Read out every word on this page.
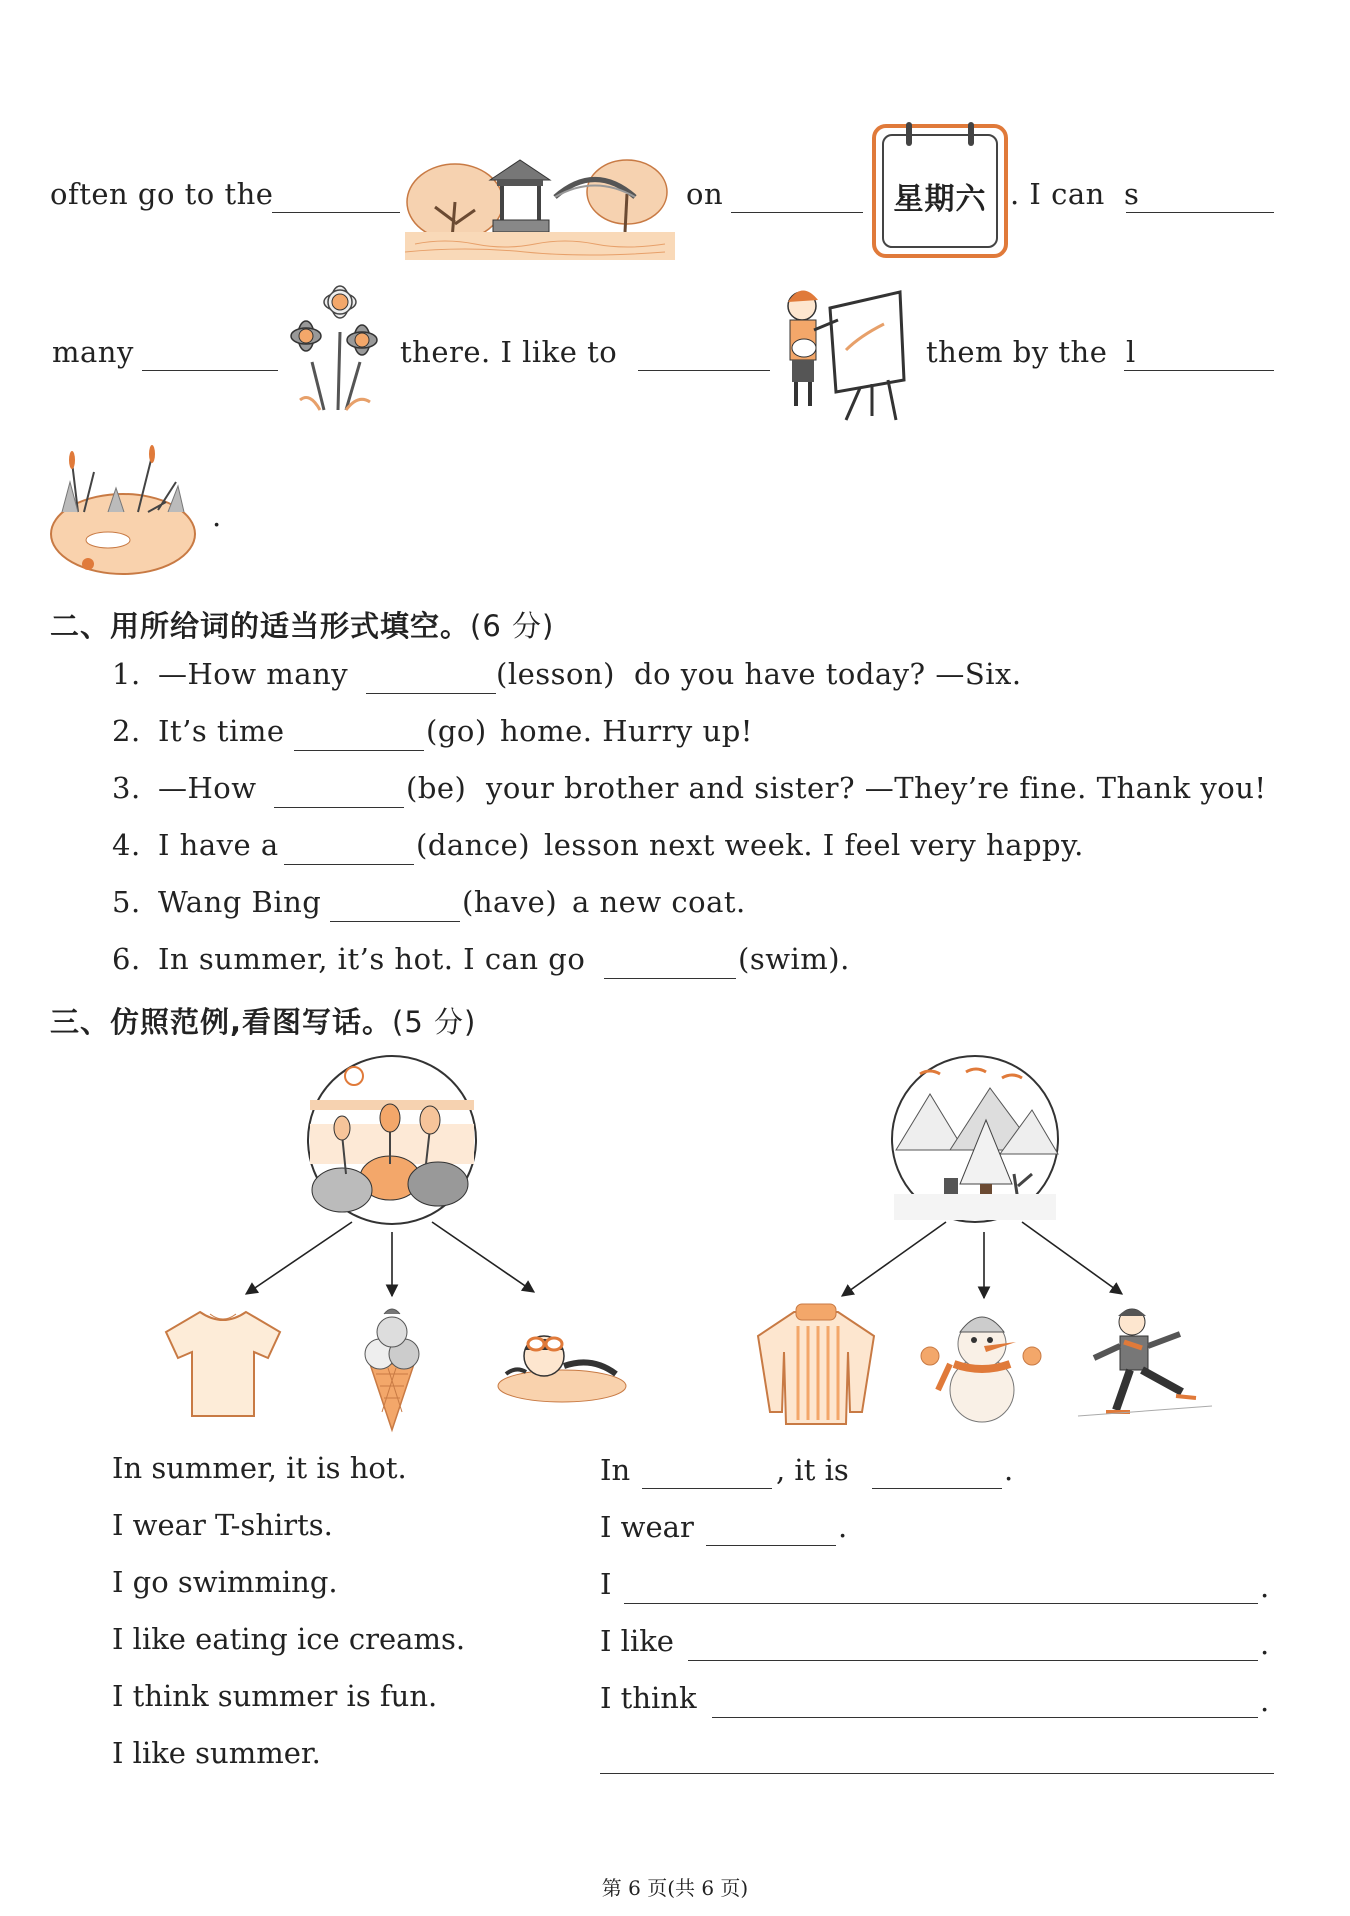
often go to the	on	星期六 . I can s
many	there. I like to	them by the l
.
二、用所给词的适当形式填空。(6 分)
1. —How many	(lesson) do you have today? —Six.
2. It’s time	(go) home. Hurry up!
3. —How	(be) your brother and sister? —They’re fine. Thank you!
4. I have a	(dance) lesson next week. I feel very happy.
5. Wang Bing	(have) a new coat.
6. In summer, it’s hot. I can go	(swim).
三、仿照范例,看图写话。(5 分)
In summer, it is hot.
I wear T-shirts.
I go swimming.
I like eating ice creams.
I think summer is fun.
I like summer.
In	, it is	.
I wear	.
I	.
I like	.
I think	.
第 6 页(共 6 页)
